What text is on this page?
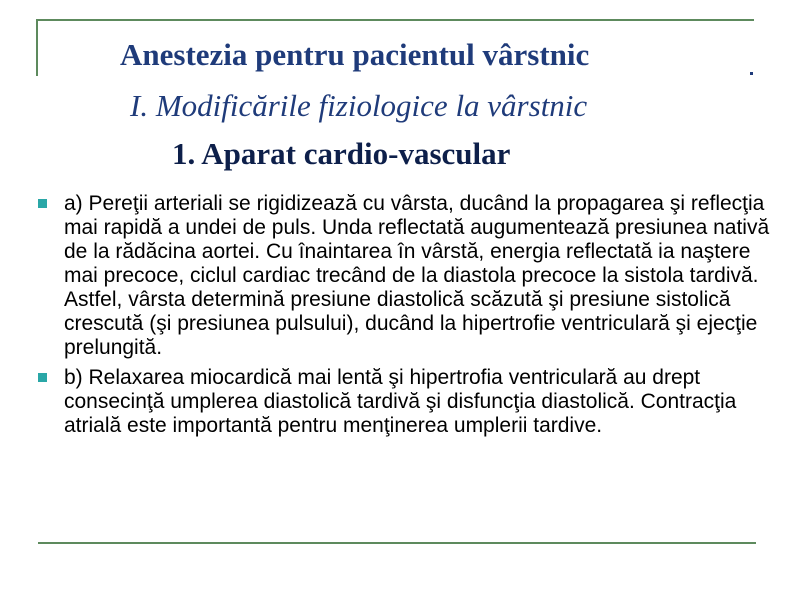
Anestezia pentru pacientul vârstnic
I. Modificările fiziologice la vârstnic
1. Aparat cardio-vascular
a) Pereţii arteriali se rigidizează cu vârsta, ducând la propagarea şi reflecţia mai rapidă a undei de puls. Unda reflectată augumentează presiunea nativă de la rădăcina aortei. Cu înaintarea în vârstă, energia reflectată ia naştere mai precoce, ciclul cardiac trecând de la diastola precoce la sistola tardivă. Astfel, vârsta determină presiune diastolică scăzută şi presiune sistolică crescută (şi presiunea pulsului), ducând la hipertrofie ventriculară şi ejecţie prelungită.
b) Relaxarea miocardică mai lentă şi hipertrofia ventriculară au drept consecinţă umplerea diastolică tardivă şi disfuncţia diastolică. Contracţia atrială este importantă pentru menţinerea umplerii tardive.
